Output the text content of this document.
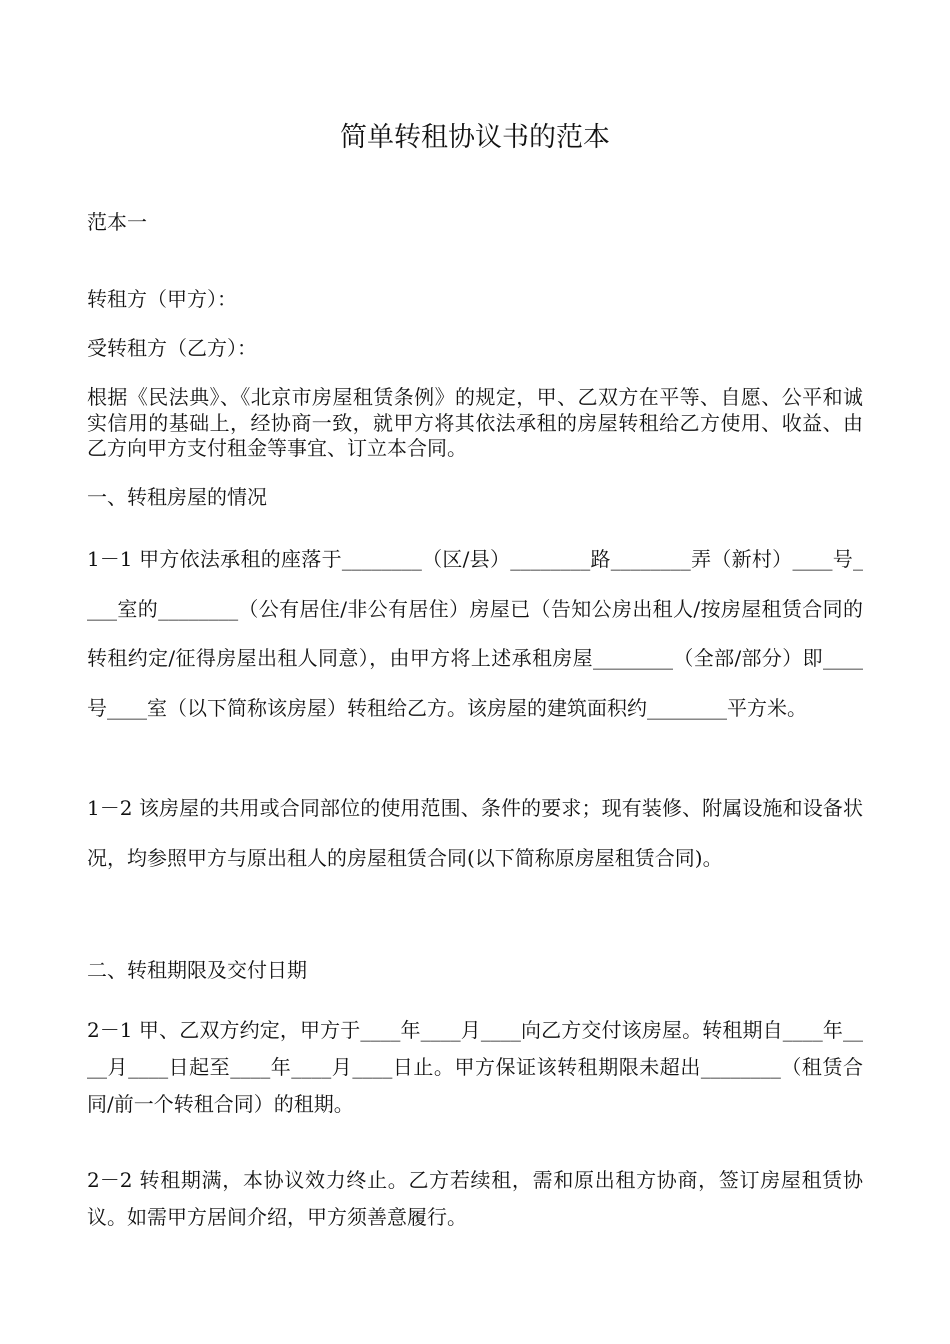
简单转租协议书的范本

范本一

转租方（甲方）：

受转租方（乙方）：

根据《民法典》、《北京市房屋租赁条例》的规定，甲、乙双方在平等、自愿、公平和诚实信用的基础上，经协商一致，就甲方将其依法承租的房屋转租给乙方使用、收益、由乙方向甲方支付租金等事宜、订立本合同。

一、转租房屋的情况

1－1 甲方依法承租的座落于________（区/县）________路________弄（新村）____号____室的________（公有居住/非公有居住）房屋已（告知公房出租人/按房屋租赁合同的转租约定/征得房屋出租人同意），由甲方将上述承租房屋________（全部/部分）即____号____室（以下简称该房屋）转租给乙方。该房屋的建筑面积约________平方米。

1－2 该房屋的共用或合同部位的使用范围、条件的要求；现有装修、附属设施和设备状况，均参照甲方与原出租人的房屋租赁合同(以下简称原房屋租赁合同)。

二、转租期限及交付日期

2－1 甲、乙双方约定，甲方于____年____月____向乙方交付该房屋。转租期自____年____月____日起至____年____月____日止。甲方保证该转租期限未超出________（租赁合同/前一个转租合同）的租期。

2－2 转租期满，本协议效力终止。乙方若续租，需和原出租方协商，签订房屋租赁协议。如需甲方居间介绍，甲方须善意履行。
